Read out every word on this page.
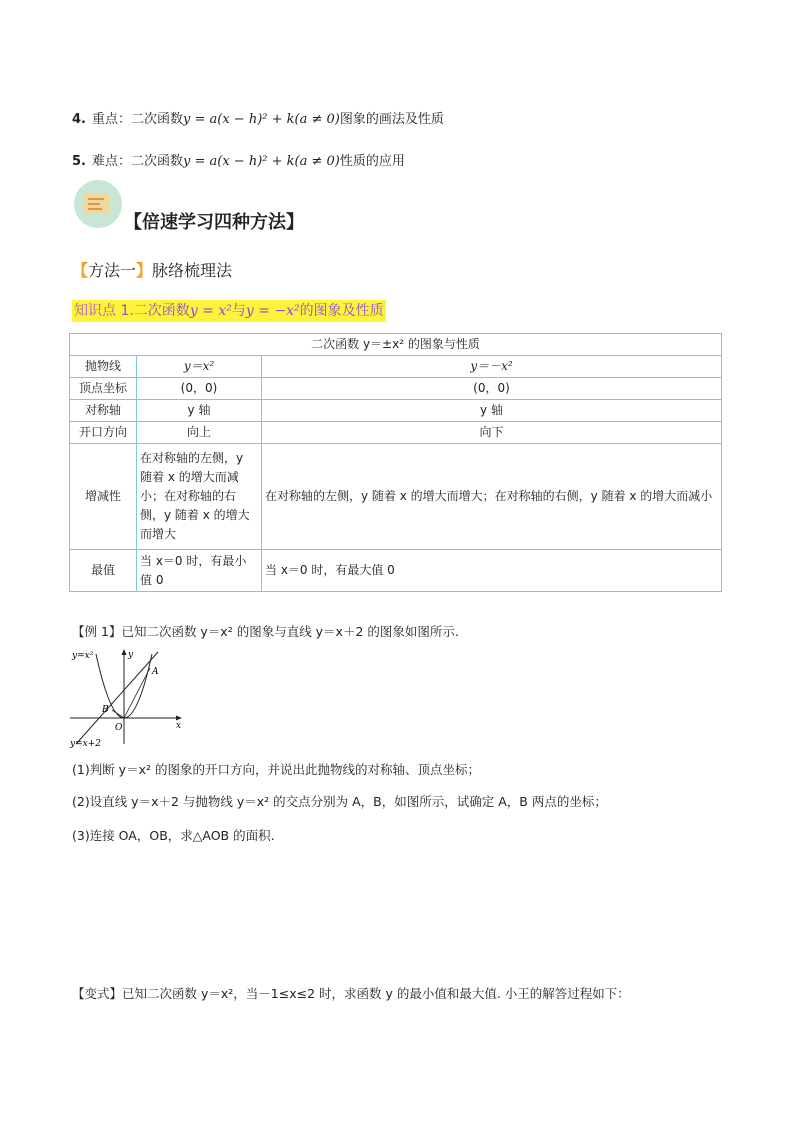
4. 重点：二次函数y = a(x − h)² + k(a ≠ 0)图象的画法及性质
5. 难点：二次函数y = a(x − h)² + k(a ≠ 0)性质的应用
【倍速学习四种方法】
【方法一】脉络梳理法
知识点 1.二次函数y = x²与y = −x²的图象及性质
二次函数 y＝±x² 的图象与性质		
抛物线	y＝x²	y＝－x²
顶点坐标	(0，0)	(0，0)
对称轴	y 轴	y 轴
开口方向	向上	向下
增减性	在对称轴的左侧，y 随着 x 的增大而减小；在对称轴的右侧，y 随着 x 的增大而增大	在对称轴的左侧，y 随着 x 的增大而增大；在对称轴的右侧，y 随着 x 的增大而减小
最值	当 x＝0 时，有最小值 0	当 x＝0 时，有最大值 0
【例 1】已知二次函数 y＝x² 的图象与直线 y＝x＋2 的图象如图所示.
y=x²
y=x+2
y
x
O
A
B
(1)判断 y＝x² 的图象的开口方向，并说出此抛物线的对称轴、顶点坐标；
(2)设直线 y＝x＋2 与抛物线 y＝x² 的交点分别为 A，B，如图所示，试确定 A，B 两点的坐标；
(3)连接 OA，OB，求△AOB 的面积.
【变式】已知二次函数 y＝x²，当－1≤x≤2 时，求函数 y 的最小值和最大值. 小王的解答过程如下：
